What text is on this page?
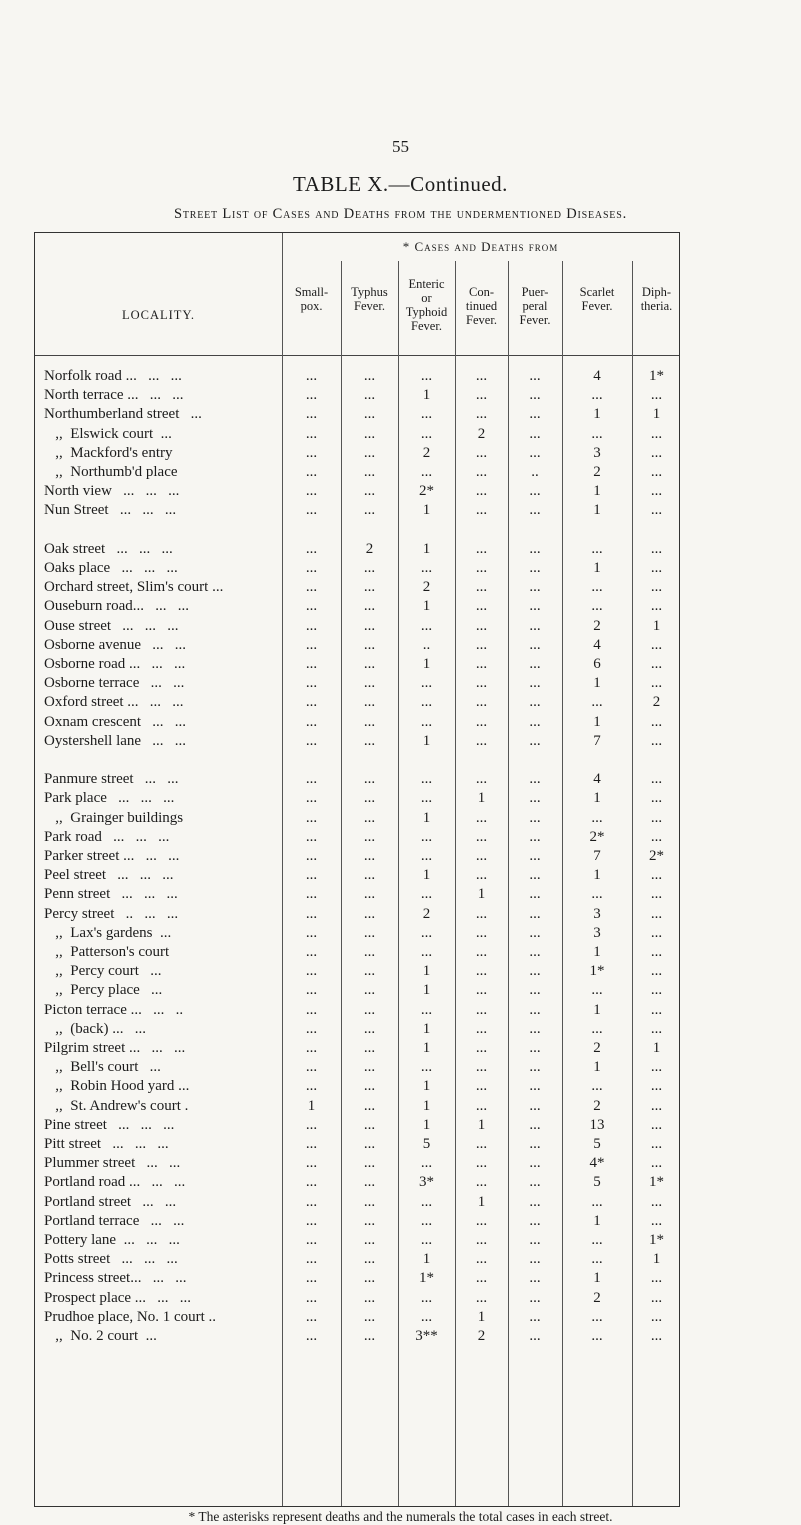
55
TABLE X.—Continued.
Street List of Cases and Deaths from the undermentioned Diseases.
* Cases and Deaths from
LOCALITY.
Norfolk road ...   ...   ...	...	...	...	...	...	4	1*
North terrace ...   ...   ...	...	...	1	...	...	...	...
Northumberland street   ...	...	...	...	...	...	1	1
,,  Elswick court  ...	...	...	...	2	...	...	...
,,  Mackford's entry	...	...	2	...	...	3	...
,,  Northumb'd place	...	...	...	...	..	2	...
North view   ...   ...   ...	...	...	2*	...	...	1	...
Nun Street   ...   ...   ...	...	...	1	...	...	1	...
Oak street   ...   ...   ...	...	2	1	...	...	...	...
Oaks place   ...   ...   ...	...	...	...	...	...	1	...
Orchard street, Slim's court ...	...	...	2	...	...	...	...
Ouseburn road...   ...   ...	...	...	1	...	...	...	...
Ouse street   ...   ...   ...	...	...	...	...	...	2	1
Osborne avenue   ...   ...	...	...	..	...	...	4	...
Osborne road ...   ...   ...	...	...	1	...	...	6	...
Osborne terrace   ...   ...	...	...	...	...	...	1	...
Oxford street ...   ...   ...	...	...	...	...	...	...	2
Oxnam crescent   ...   ...	...	...	...	...	...	1	...
Oystershell lane   ...   ...	...	...	1	...	...	7	...
Panmure street   ...   ...	...	...	...	...	...	4	...
Park place   ...   ...   ...	...	...	...	1	...	1	...
,,  Grainger buildings	...	...	1	...	...	...	...
Park road   ...   ...   ...	...	...	...	...	...	2*	...
Parker street ...   ...   ...	...	...	...	...	...	7	2*
Peel street   ...   ...   ...	...	...	1	...	...	1	...
Penn street   ...   ...   ...	...	...	...	1	...	...	...
Percy street   ..   ...   ...	...	...	2	...	...	3	...
,,  Lax's gardens  ...	...	...	...	...	...	3	...
,,  Patterson's court	...	...	...	...	...	1	...
,,  Percy court   ...	...	...	1	...	...	1*	...
,,  Percy place   ...	...	...	1	...	...	...	...
Picton terrace ...   ...   ..	...	...	...	...	...	1	...
,,  (back) ...   ...	...	...	1	...	...	...	...
Pilgrim street ...   ...   ...	...	...	1	...	...	2	1
,,  Bell's court   ...	...	...	...	...	...	1	...
,,  Robin Hood yard ...	...	...	1	...	...	...	...
,,  St. Andrew's court .	1	...	1	...	...	2	...
Pine street   ...   ...   ...	...	...	1	1	...	13	...
Pitt street   ...   ...   ...	...	...	5	...	...	5	...
Plummer street   ...   ...	...	...	...	...	...	4*	...
Portland road ...   ...   ...	...	...	3*	...	...	5	1*
Portland street   ...   ...	...	...	...	1	...	...	...
Portland terrace   ...   ...	...	...	...	...	...	1	...
Pottery lane  ...   ...   ...	...	...	...	...	...	...	1*
Potts street   ...   ...   ...	...	...	1	...	...	...	1
Princess street...   ...   ...	...	...	1*	...	...	1	...
Prospect place ...   ...   ...	...	...	...	...	...	2	...
Prudhoe place, No. 1 court ..	...	...	...	1	...	...	...
,,  No. 2 court  ...	...	...	3**	2	...	...	...
Small-
pox.
Typhus
Fever.
Enteric
or
Typhoid
Fever.
Con-
tinued
Fever.
Puer-
peral
Fever.
Scarlet
Fever.
Diph-
theria.
* The asterisks represent deaths and the numerals the total cases in each street.
